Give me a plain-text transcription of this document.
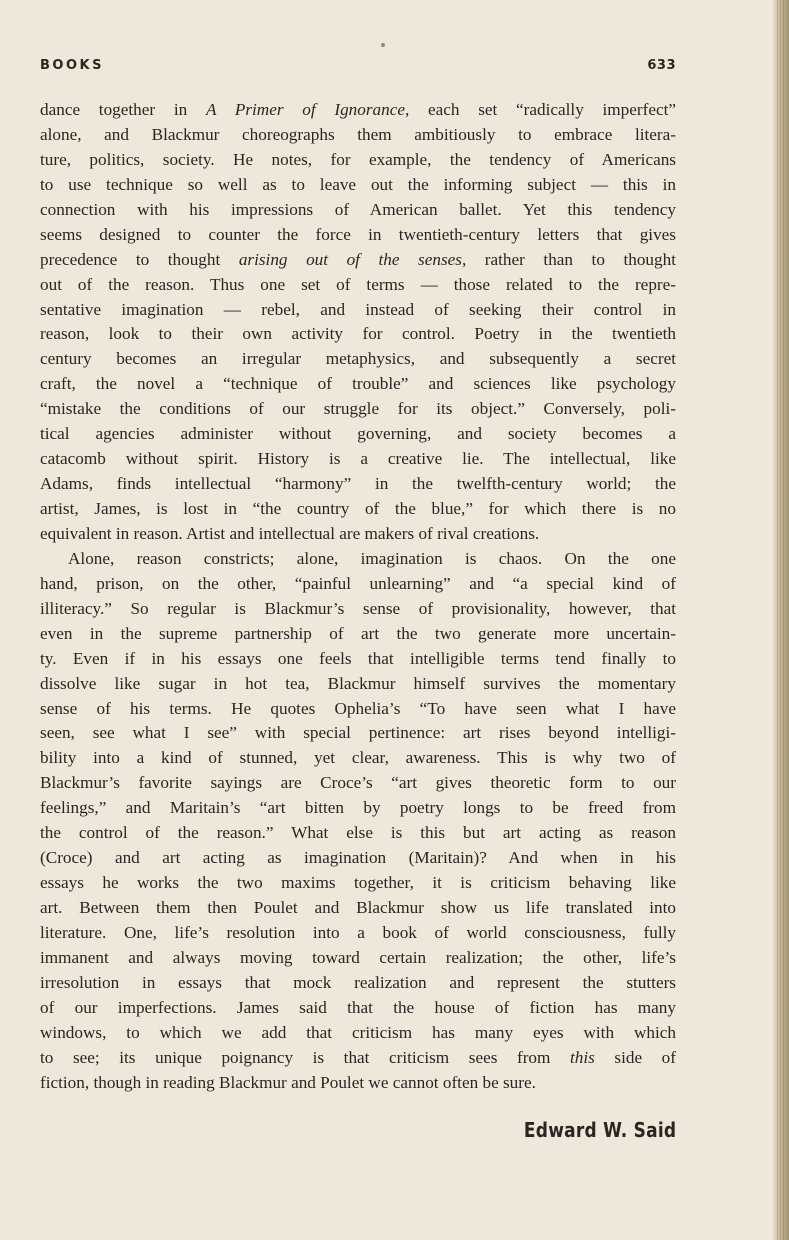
BOOKS	633
dance together in A Primer of Ignorance, each set “radically imperfect”
alone, and Blackmur choreographs them ambitiously to embrace litera-
ture, politics, society. He notes, for example, the tendency of Americans
to use technique so well as to leave out the informing subject — this in
connection with his impressions of American ballet. Yet this tendency
seems designed to counter the force in twentieth-century letters that gives
precedence to thought arising out of the senses, rather than to thought
out of the reason. Thus one set of terms — those related to the repre-
sentative imagination — rebel, and instead of seeking their control in
reason, look to their own activity for control. Poetry in the twentieth
century becomes an irregular metaphysics, and subsequently a secret
craft, the novel a “technique of trouble” and sciences like psychology
“mistake the conditions of our struggle for its object.” Conversely, poli-
tical agencies administer without governing, and society becomes a
catacomb without spirit. History is a creative lie. The intellectual, like
Adams, finds intellectual “harmony” in the twelfth-century world; the
artist, James, is lost in “the country of the blue,” for which there is no
equivalent in reason. Artist and intellectual are makers of rival creations.
Alone, reason constricts; alone, imagination is chaos. On the one
hand, prison, on the other, “painful unlearning” and “a special kind of
illiteracy.” So regular is Blackmur’s sense of provisionality, however, that
even in the supreme partnership of art the two generate more uncertain-
ty. Even if in his essays one feels that intelligible terms tend finally to
dissolve like sugar in hot tea, Blackmur himself survives the momentary
sense of his terms. He quotes Ophelia’s “To have seen what I have
seen, see what I see” with special pertinence: art rises beyond intelligi-
bility into a kind of stunned, yet clear, awareness. This is why two of
Blackmur’s favorite sayings are Croce’s “art gives theoretic form to our
feelings,” and Maritain’s “art bitten by poetry longs to be freed from
the control of the reason.” What else is this but art acting as reason
(Croce) and art acting as imagination (Maritain)? And when in his
essays he works the two maxims together, it is criticism behaving like
art. Between them then Poulet and Blackmur show us life translated into
literature. One, life’s resolution into a book of world consciousness, fully
immanent and always moving toward certain realization; the other, life’s
irresolution in essays that mock realization and represent the stutters
of our imperfections. James said that the house of fiction has many
windows, to which we add that criticism has many eyes with which
to see; its unique poignancy is that criticism sees from this side of
fiction, though in reading Blackmur and Poulet we cannot often be sure.
Edward W. Said
